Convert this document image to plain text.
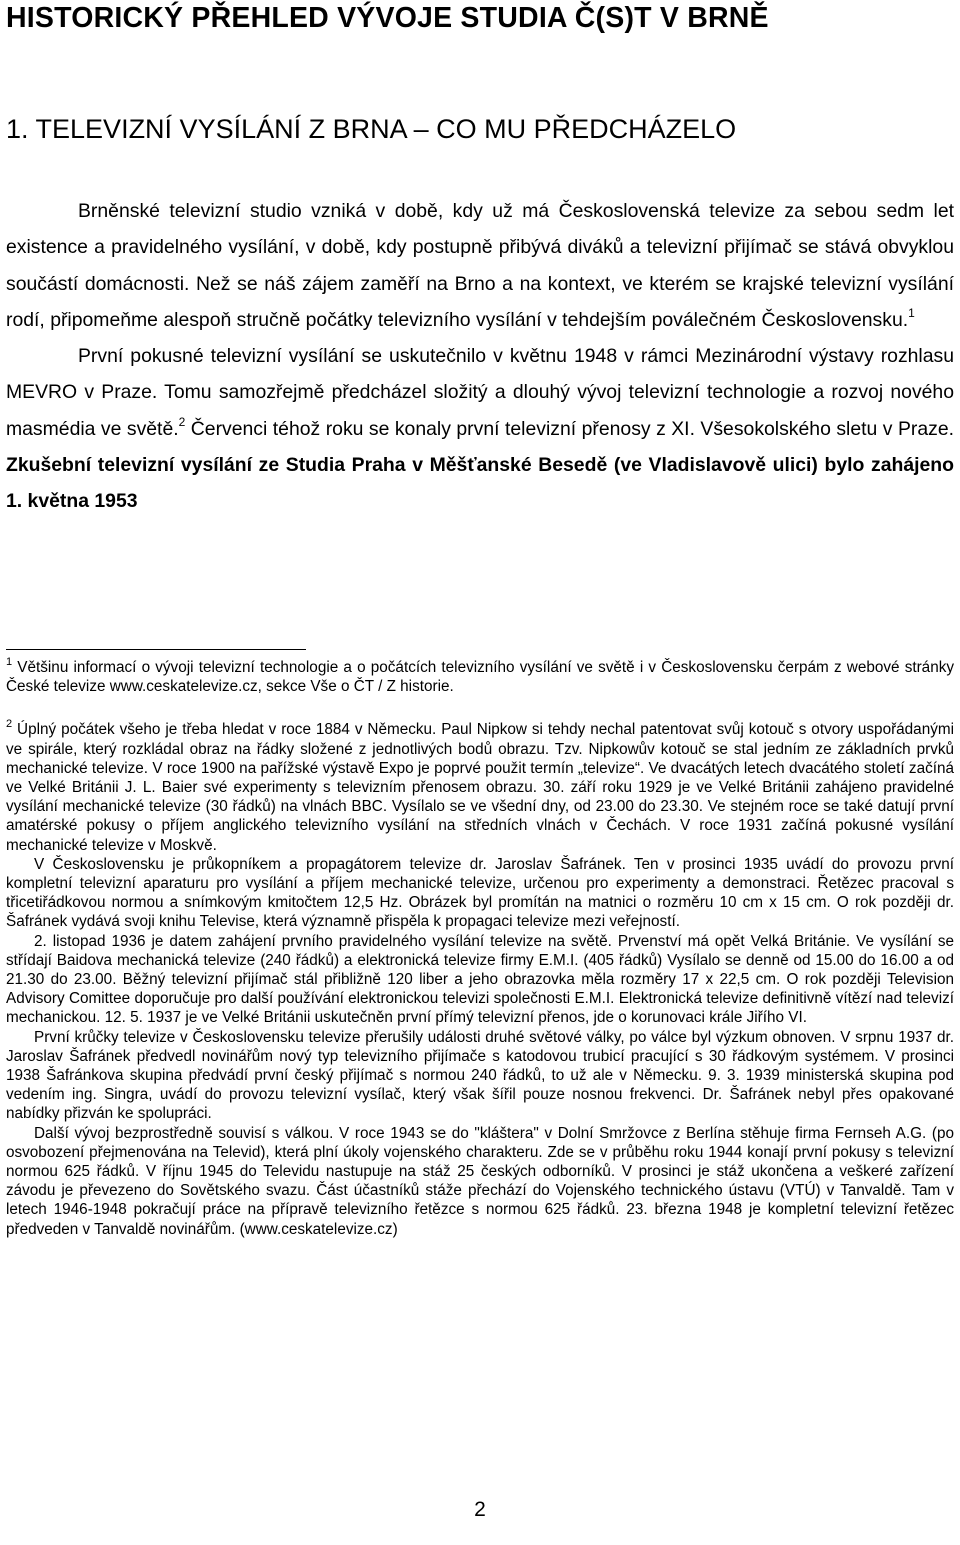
HISTORICKÝ PŘEHLED VÝVOJE STUDIA Č(S)T V BRNĚ
1. TELEVIZNÍ VYSÍLÁNÍ Z BRNA – CO MU PŘEDCHÁZELO

Brněnské televizní studio vzniká v době, kdy už má Československá televize za sebou sedm let existence a pravidelného vysílání, v době, kdy postupně přibývá diváků a televizní přijímač se stává obvyklou součástí domácnosti. Než se náš zájem zaměří na Brno a na kontext, ve kterém se krajské televizní vysílání rodí, připomeňme alespoň stručně počátky televizního vysílání v tehdejším poválečném Československu.$^1$

První pokusné televizní vysílání se uskutečnilo v květnu 1948 v rámci Mezinárodní výstavy rozhlasu MEVRO v Praze. Tomu samozřejmě předcházel složitý a dlouhý vývoj televizní technologie a rozvoj nového masmédia ve světě.$^2$ Červenci téhož roku se konaly první televizní přenosy z XI. Všesokolského sletu v Praze. Zkušební televizní vysílání ze Studia Praha v Měšťanské Besedě (ve Vladislavově ulici) bylo zahájeno 1. května 1953

$^1$ Většinu informací o vývoji televizní technologie a o počátcích televizního vysílání ve světě i v Československu čerpám z webové stránky České televize www.ceskatelevize.cz, sekce Vše o ČT / Z historie.

$^2$ Úplný počátek všeho je třeba hledat v roce 1884 v Německu. Paul Nipkow si tehdy nechal patentovat svůj kotouč s otvory uspořádanými ve spirále, který rozkládal obraz na řádky složené z jednotlivých bodů obrazu. Tzv. Nipkowův kotouč se stal jedním ze základních prvků mechanické televize. V roce 1900 na pařížské výstavě Expo je poprvé použit termín „televize“. Ve dvacátých letech dvacátého století začíná ve Velké Británii J. L. Baier své experimenty s televizním přenosem obrazu. 30. září roku 1929 je ve Velké Británii zahájeno pravidelné vysílání mechanické televize (30 řádků) na vlnách BBC. Vysílalo se ve všední dny, od 23.00 do 23.30. Ve stejném roce se také datují první amatérské pokusy o příjem anglického televizního vysílání na středních vlnách v Čechách. V roce 1931 začíná pokusné vysílání mechanické televize v Moskvě.

V Československu je průkopníkem a propagátorem televize dr. Jaroslav Šafránek. Ten v prosinci 1935 uvádí do provozu první kompletní televizní aparaturu pro vysílání a příjem mechanické televize, určenou pro experimenty a demonstraci. Řetězec pracoval s třicetiřádkovou normou a snímkovým kmitočtem 12,5 Hz. Obrázek byl promítán na matnici o rozměru 10 cm x 15 cm. O rok později dr. Šafránek vydává svoji knihu Televise, která významně přispěla k propagaci televize mezi veřejností.

2. listopad 1936 je datem zahájení prvního pravidelného vysílání televize na světě. Prvenství má opět Velká Británie. Ve vysílání se střídají Baidova mechanická televize (240 řádků) a elektronická televize firmy E.M.I. (405 řádků) Vysílalo se denně od 15.00 do 16.00 a od 21.30 do 23.00. Běžný televizní přijímač stál přibližně 120 liber a jeho obrazovka měla rozměry 17 x 22,5 cm. O rok později Television Advisory Comittee doporučuje pro další používání elektronickou televizi společnosti E.M.I. Elektronická televize definitivně vítězí nad televizí mechanickou. 12. 5. 1937 je ve Velké Británii uskutečněn první přímý televizní přenos, jde o korunovaci krále Jiřího VI.

První krůčky televize v Československu televize přerušily události druhé světové války, po válce byl výzkum obnoven. V srpnu 1937 dr. Jaroslav Šafránek předvedl novinářům nový typ televizního přijímače s katodovou trubicí pracující s 30 řádkovým systémem. V prosinci 1938 Šafránkova skupina předvádí první český přijímač s normou 240 řádků, to už ale v Německu. 9. 3. 1939 ministerská skupina pod vedením ing. Singra, uvádí do provozu televizní vysílač, který však šířil pouze nosnou frekvenci. Dr. Šafránek nebyl přes opakované nabídky přizván ke spolupráci.

Další vývoj bezprostředně souvisí s válkou. V roce 1943 se do "kláštera" v Dolní Smržovce z Berlína stěhuje firma Fernseh A.G. (po osvobození přejmenována na Televid), která plní úkoly vojenského charakteru. Zde se v průběhu roku 1944 konají první pokusy s televizní normou 625 řádků. V říjnu 1945 do Televidu nastupuje na stáž 25 českých odborníků. V prosinci je stáž ukončena a veškeré zařízení závodu je převezeno do Sovětského svazu. Část účastníků stáže přechází do Vojenského technického ústavu (VTÚ) v Tanvaldě. Tam v letech 1946-1948 pokračují práce na přípravě televizního řetězce s normou 625 řádků. 23. března 1948 je kompletní televizní řetězec předveden v Tanvaldě novinářům. (www.ceskatelevize.cz)

2
